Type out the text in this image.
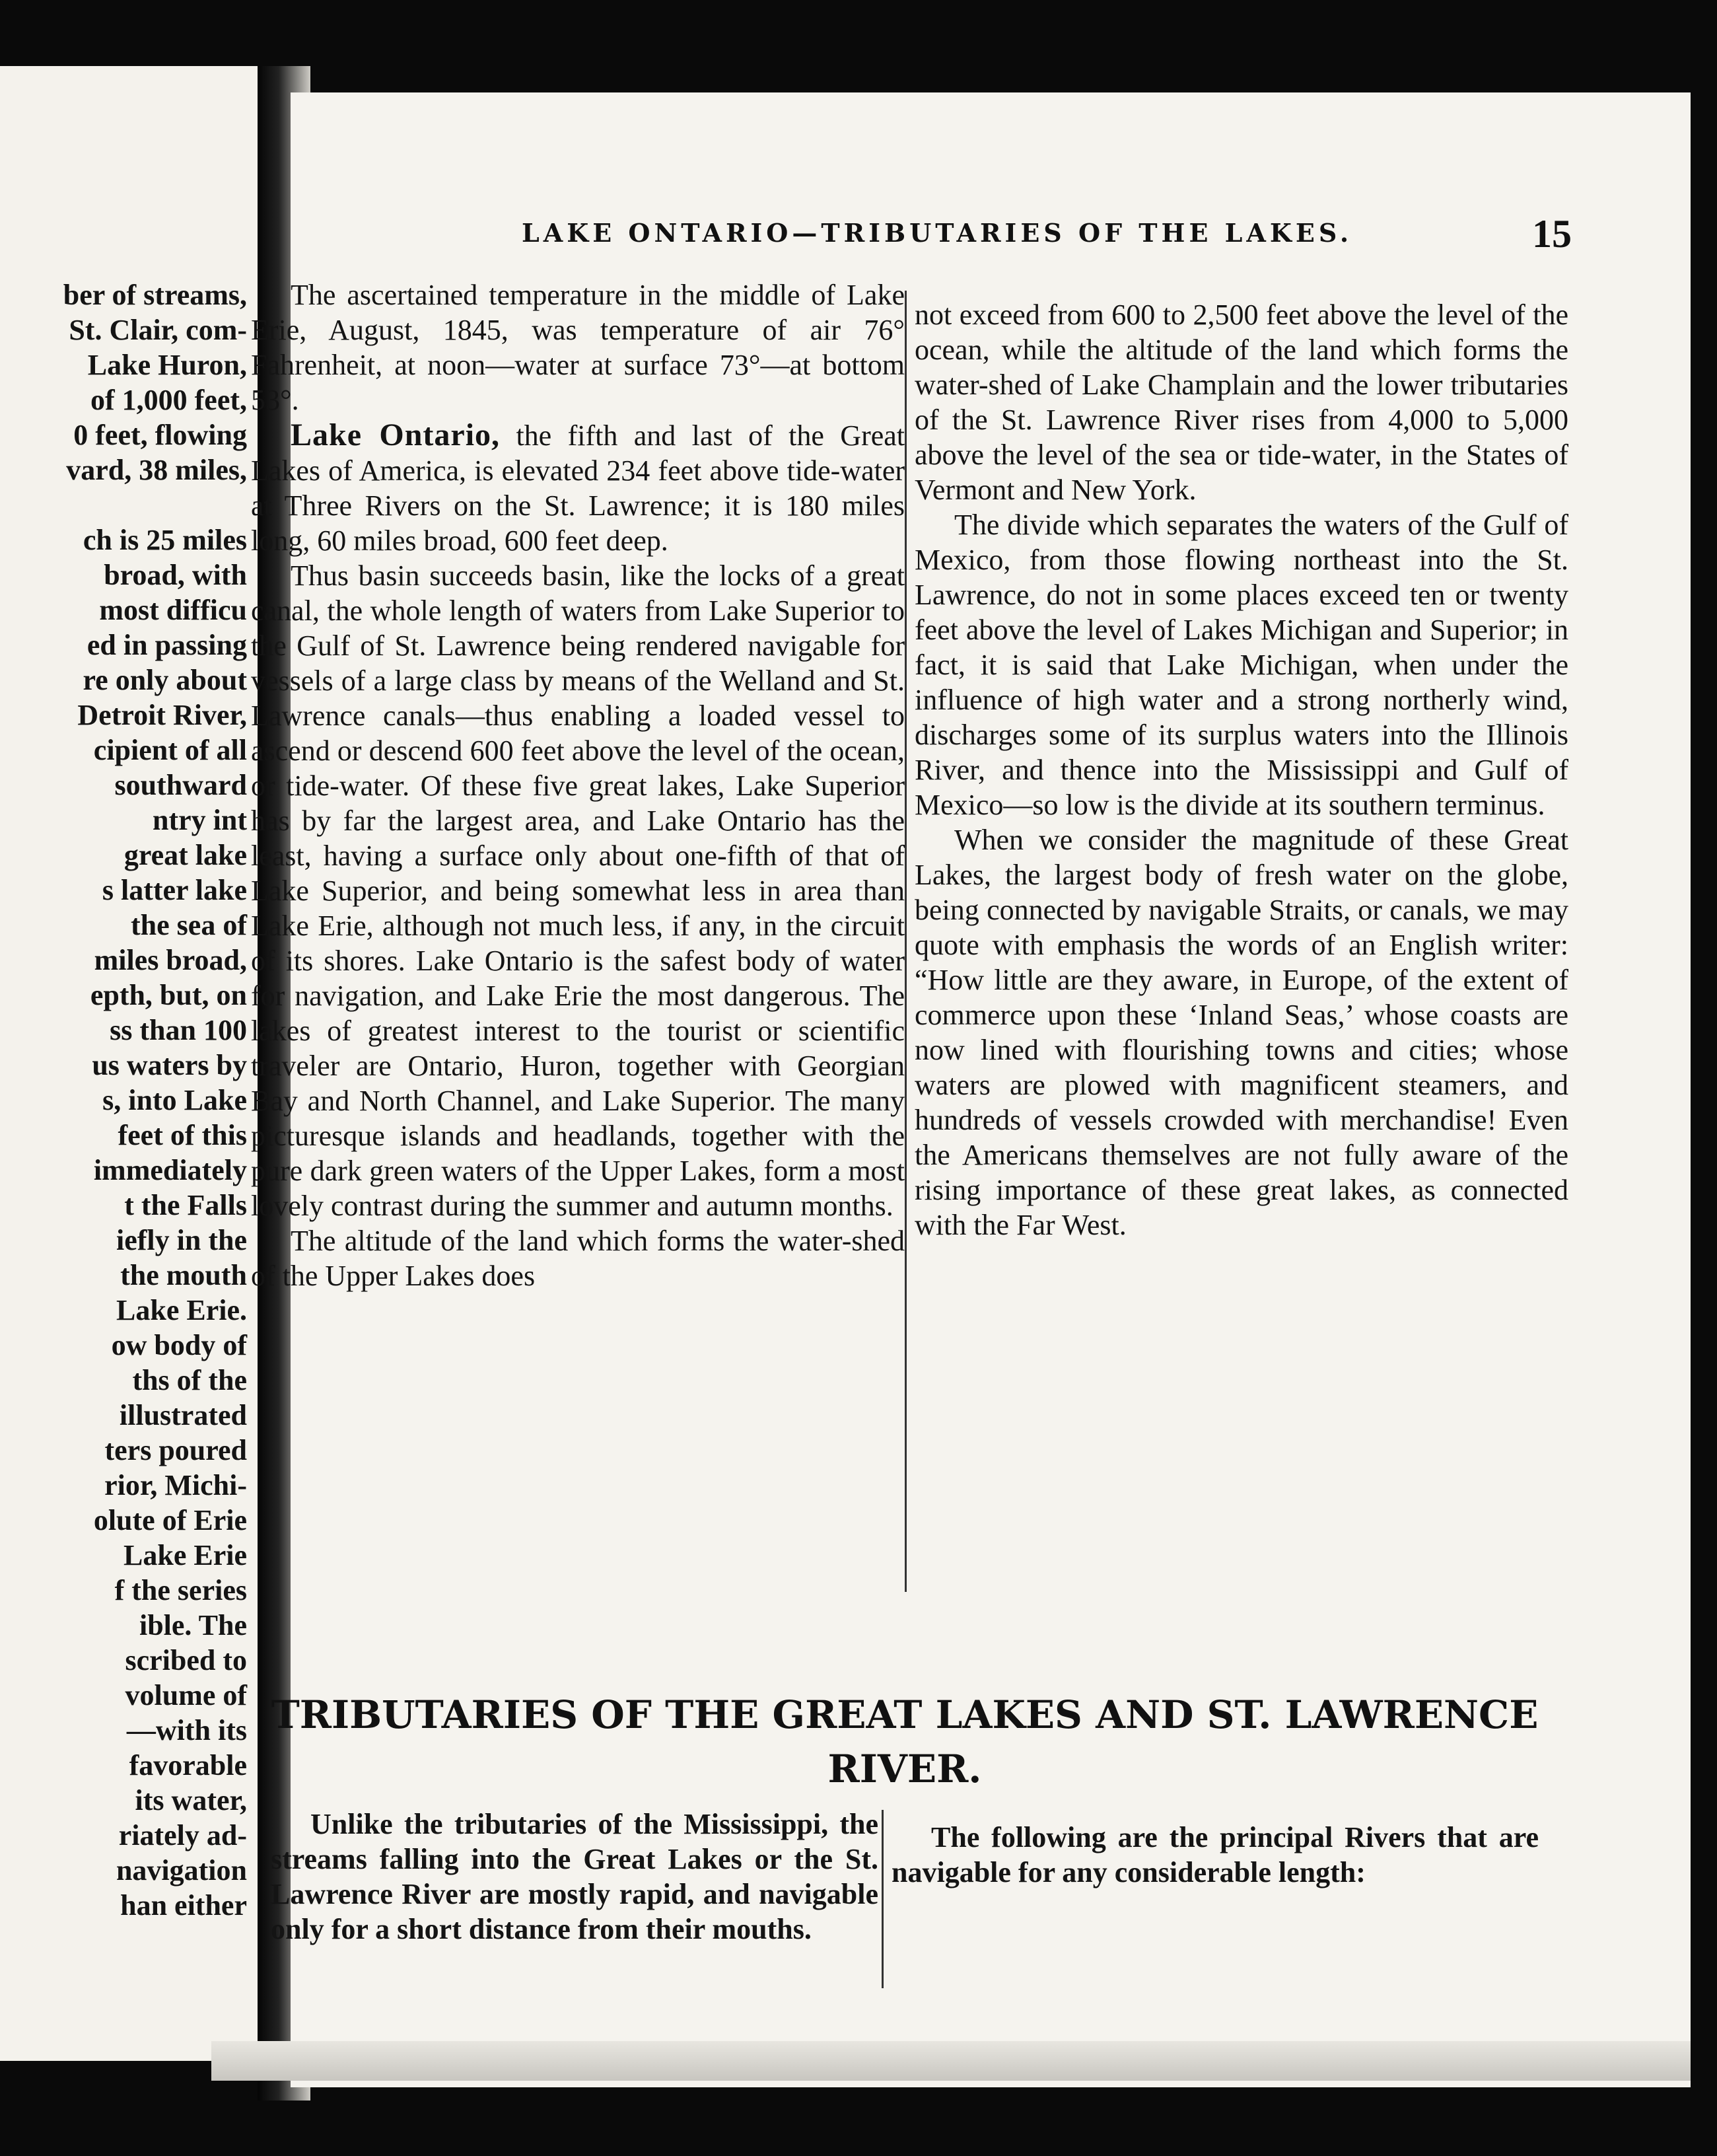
ber of streams,
St. Clair, com-
Lake Huron,
of 1,000 feet,
0 feet, flowing
vard, 38 miles,
ch is 25 miles
broad, with
most difficu
ed in passing
re only about
Detroit River,
cipient of all
southward
ntry int
great lake
s latter lake
the sea of
miles broad,
epth, but, on
ss than 100
us waters by
s, into Lake
feet of this
immediately
t the Falls
iefly in the
the mouth
Lake Erie.
ow body of
ths of the
illustrated
ters poured
rior, Michi-
olute of Erie
Lake Erie
f the series
ible. The
scribed to
volume of
—with its
favorable
its water,
riately ad-
navigation
han either
LAKE ONTARIO—TRIBUTARIES OF THE LAKES.	15

The ascertained temperature in the middle of Lake Erie, August, 1845, was temperature of air 76° Fahrenheit, at noon—water at surface 73°—at bottom 53°.

Lake Ontario, the fifth and last of the Great Lakes of America, is elevated 234 feet above tide-water at Three Rivers on the St. Lawrence; it is 180 miles long, 60 miles broad, 600 feet deep.

Thus basin succeeds basin, like the locks of a great canal, the whole length of waters from Lake Superior to the Gulf of St. Lawrence being rendered navigable for vessels of a large class by means of the Welland and St. Lawrence canals—thus enabling a loaded vessel to ascend or descend 600 feet above the level of the ocean, or tide-water. Of these five great lakes, Lake Superior has by far the largest area, and Lake Ontario has the least, having a surface only about one-fifth of that of Lake Superior, and being somewhat less in area than Lake Erie, although not much less, if any, in the circuit of its shores. Lake Ontario is the safest body of water for navigation, and Lake Erie the most dangerous. The lakes of greatest interest to the tourist or scientific traveler are Ontario, Huron, together with Georgian Bay and North Channel, and Lake Superior. The many picturesque islands and headlands, together with the pure dark green waters of the Upper Lakes, form a most lovely contrast during the summer and autumn months.

The altitude of the land which forms the water-shed of the Upper Lakes does

not exceed from 600 to 2,500 feet above the level of the ocean, while the altitude of the land which forms the water-shed of Lake Champlain and the lower tributaries of the St. Lawrence River rises from 4,000 to 5,000 above the level of the sea or tide-water, in the States of Vermont and New York.

The divide which separates the waters of the Gulf of Mexico, from those flowing northeast into the St. Lawrence, do not in some places exceed ten or twenty feet above the level of Lakes Michigan and Superior; in fact, it is said that Lake Michigan, when under the influence of high water and a strong northerly wind, discharges some of its surplus waters into the Illinois River, and thence into the Mississippi and Gulf of Mexico—so low is the divide at its southern terminus.

When we consider the magnitude of these Great Lakes, the largest body of fresh water on the globe, being connected by navigable Straits, or canals, we may quote with emphasis the words of an English writer: “How little are they aware, in Europe, of the extent of commerce upon these ‘Inland Seas,’ whose coasts are now lined with flourishing towns and cities; whose waters are plowed with magnificent steamers, and hundreds of vessels crowded with merchandise! Even the Americans themselves are not fully aware of the rising importance of these great lakes, as connected with the Far West.

TRIBUTARIES OF THE GREAT LAKES AND ST. LAWRENCE RIVER.

Unlike the tributaries of the Mississippi, the streams falling into the Great Lakes or the St. Lawrence River are mostly rapid, and navigable only for a short distance from their mouths.

The following are the principal Rivers that are navigable for any considerable length:
